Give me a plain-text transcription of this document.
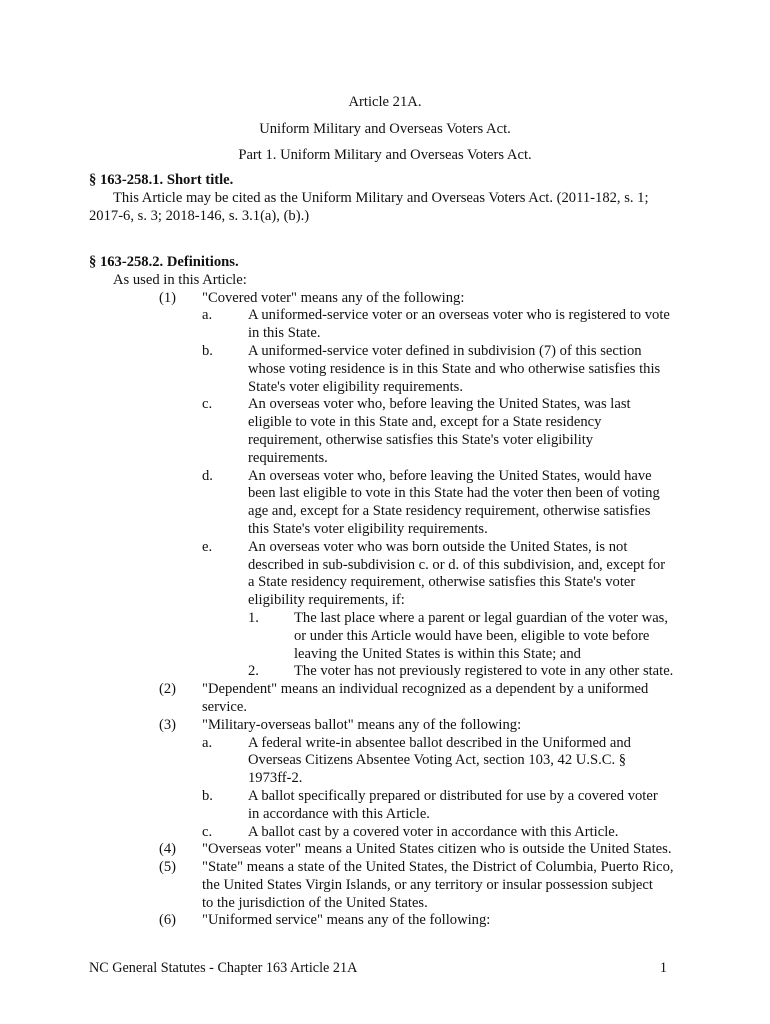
Article 21A.
Uniform Military and Overseas Voters Act.
Part 1. Uniform Military and Overseas Voters Act.
§ 163-258.1. Short title.
This Article may be cited as the Uniform Military and Overseas Voters Act. (2011-182, s. 1;
2017-6, s. 3; 2018-146, s. 3.1(a), (b).)
§ 163-258.2. Definitions.
As used in this Article:
(1) "Covered voter" means any of the following:
a. A uniformed-service voter or an overseas voter who is registered to vote
in this State.
b. A uniformed-service voter defined in subdivision (7) of this section
whose voting residence is in this State and who otherwise satisfies this
State's voter eligibility requirements.
c. An overseas voter who, before leaving the United States, was last
eligible to vote in this State and, except for a State residency
requirement, otherwise satisfies this State's voter eligibility
requirements.
d. An overseas voter who, before leaving the United States, would have
been last eligible to vote in this State had the voter then been of voting
age and, except for a State residency requirement, otherwise satisfies
this State's voter eligibility requirements.
e. An overseas voter who was born outside the United States, is not
described in sub-subdivision c. or d. of this subdivision, and, except for
a State residency requirement, otherwise satisfies this State's voter
eligibility requirements, if:
1. The last place where a parent or legal guardian of the voter was,
or under this Article would have been, eligible to vote before
leaving the United States is within this State; and
2. The voter has not previously registered to vote in any other state.
(2) "Dependent" means an individual recognized as a dependent by a uniformed
service.
(3) "Military-overseas ballot" means any of the following:
a. A federal write-in absentee ballot described in the Uniformed and
Overseas Citizens Absentee Voting Act, section 103, 42 U.S.C. §
1973ff-2.
b. A ballot specifically prepared or distributed for use by a covered voter
in accordance with this Article.
c. A ballot cast by a covered voter in accordance with this Article.
(4) "Overseas voter" means a United States citizen who is outside the United States.
(5) "State" means a state of the United States, the District of Columbia, Puerto Rico,
the United States Virgin Islands, or any territory or insular possession subject
to the jurisdiction of the United States.
(6) "Uniformed service" means any of the following:
NC General Statutes - Chapter 163 Article 21A	1
